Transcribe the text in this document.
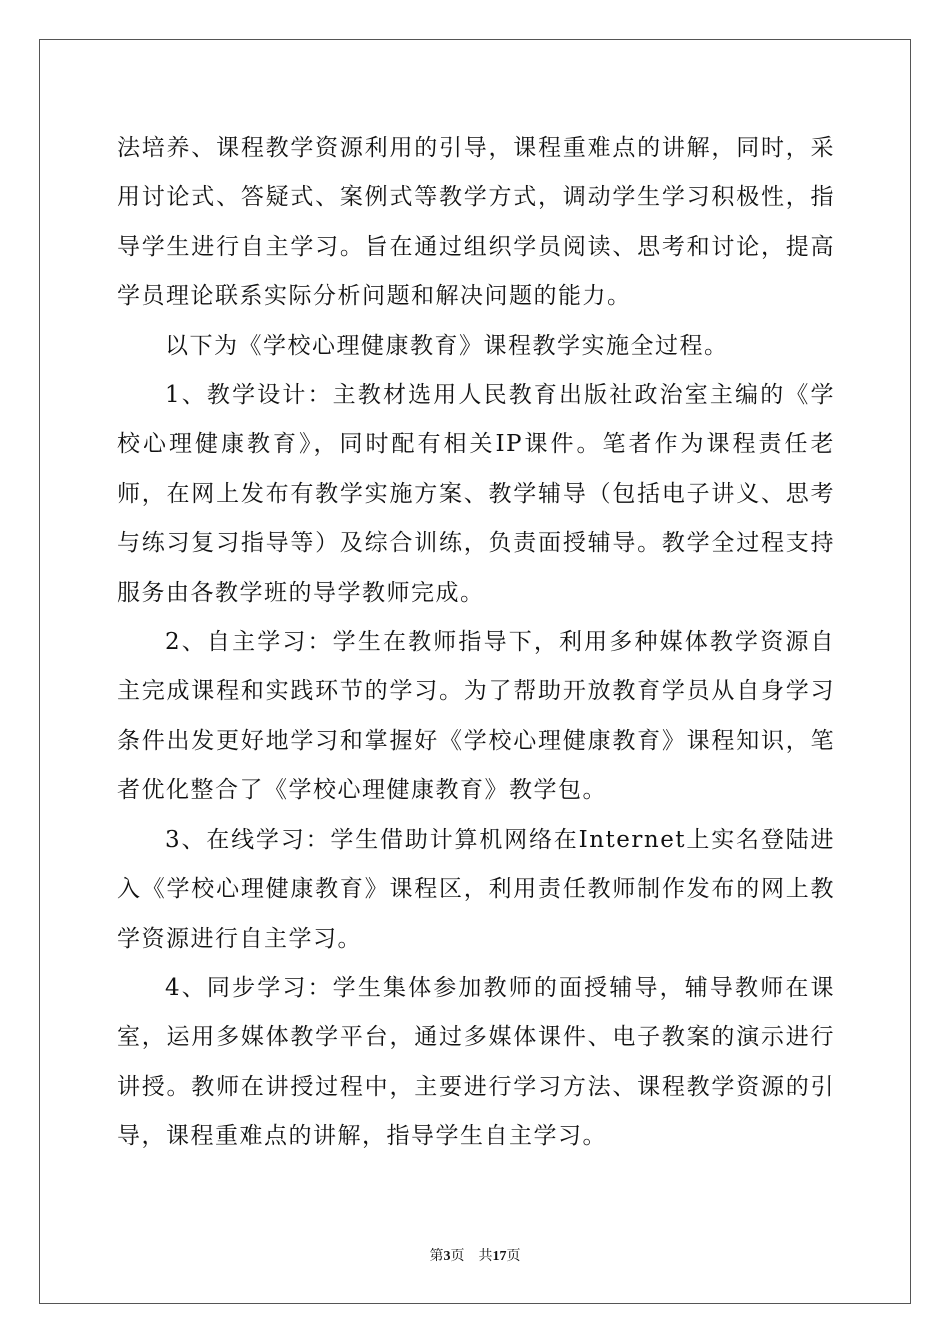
法培养、课程教学资源利用的引导，课程重难点的讲解，同时，采用讨论式、答疑式、案例式等教学方式，调动学生学习积极性，指导学生进行自主学习。旨在通过组织学员阅读、思考和讨论，提高学员理论联系实际分析问题和解决问题的能力。

以下为《学校心理健康教育》课程教学实施全过程。

1、教学设计：主教材选用人民教育出版社政治室主编的《学校心理健康教育》，同时配有相关IP课件。笔者作为课程责任老师，在网上发布有教学实施方案、教学辅导（包括电子讲义、思考与练习复习指导等）及综合训练，负责面授辅导。教学全过程支持服务由各教学班的导学教师完成。

2、自主学习：学生在教师指导下，利用多种媒体教学资源自主完成课程和实践环节的学习。为了帮助开放教育学员从自身学习条件出发更好地学习和掌握好《学校心理健康教育》课程知识，笔者优化整合了《学校心理健康教育》教学包。

3、在线学习：学生借助计算机网络在Internet上实名登陆进入《学校心理健康教育》课程区，利用责任教师制作发布的网上教学资源进行自主学习。

4、同步学习：学生集体参加教师的面授辅导，辅导教师在课室，运用多媒体教学平台，通过多媒体课件、电子教案的演示进行讲授。教师在讲授过程中，主要进行学习方法、课程教学资源的引导，课程重难点的讲解，指导学生自主学习。

第3页 共17页
